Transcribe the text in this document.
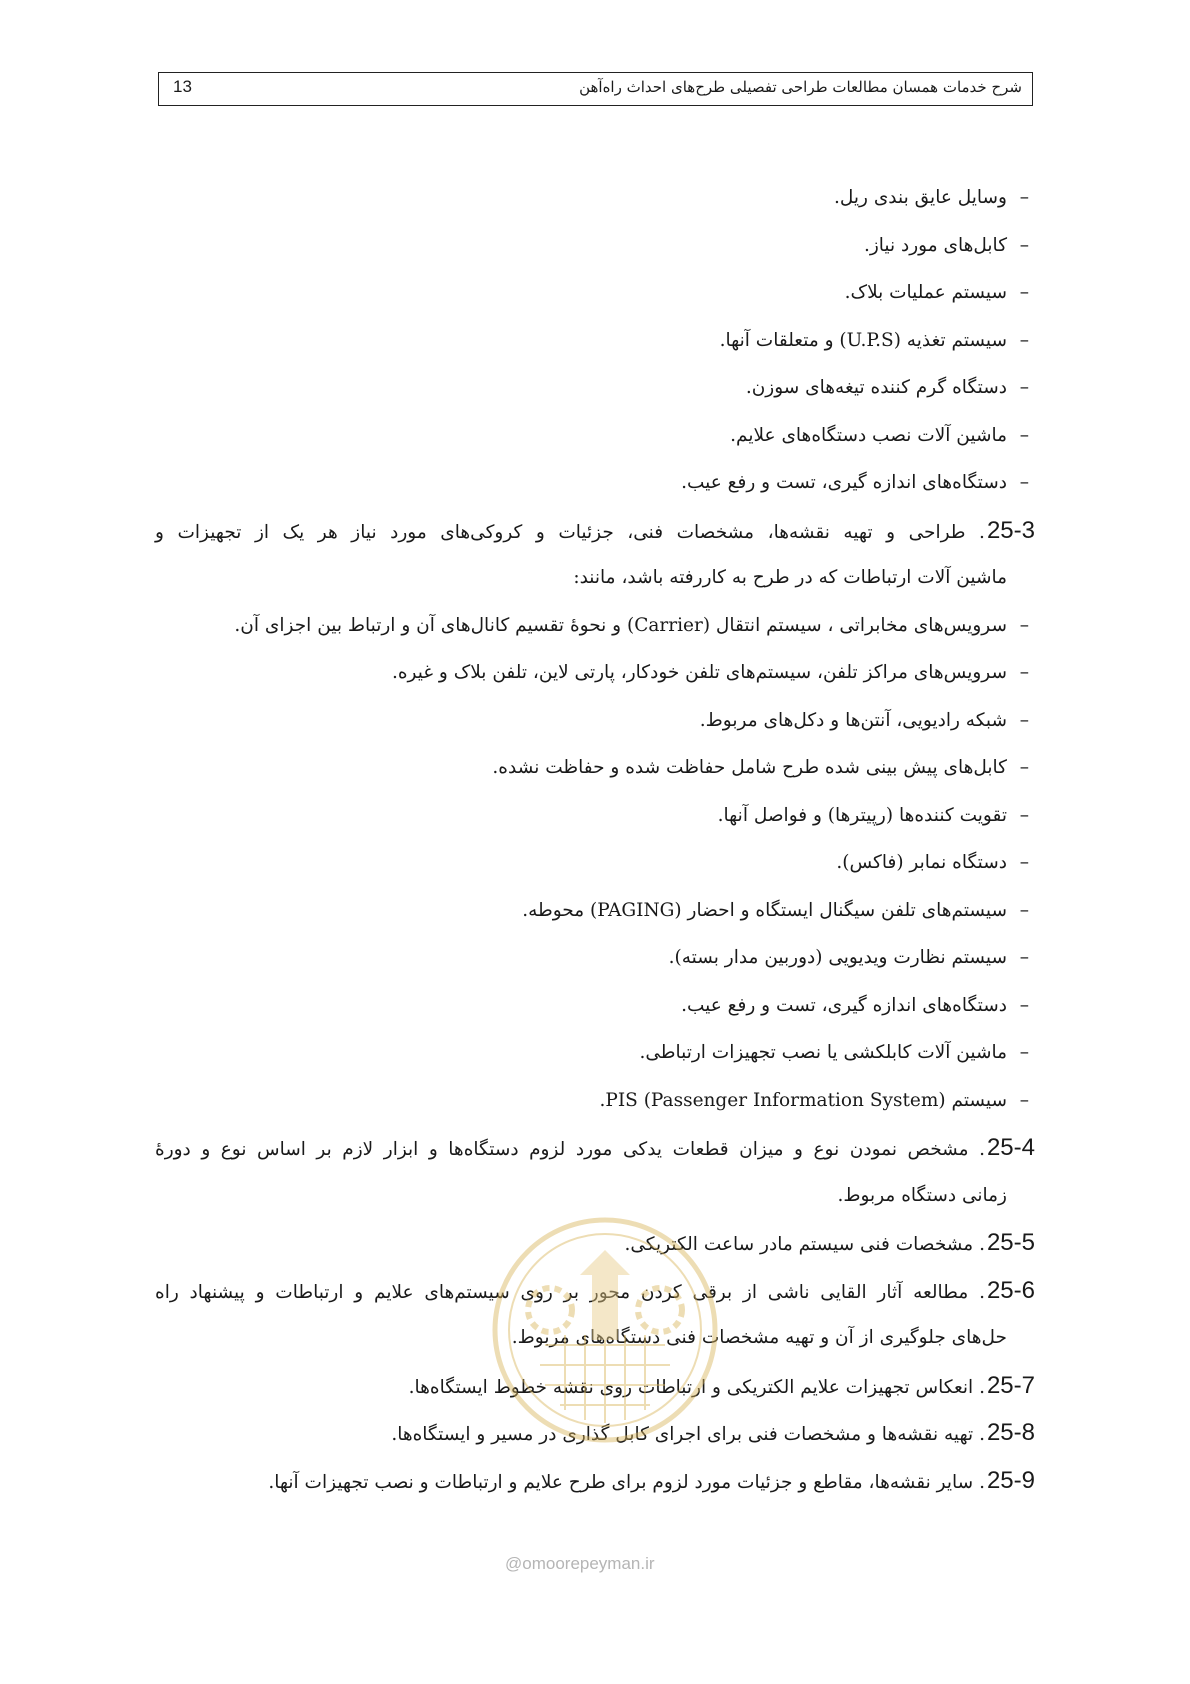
شرح خدمات همسان مطالعات طراحی تفصیلی طرح‌های احداث راه‌آهن
13
–وسایل عایق بندی ریل.
–کابل‌های مورد نیاز.
–سیستم عملیات بلاک.
–سیستم تغذیه (U.P.S) و متعلقات آنها.
–دستگاه گرم کننده تیغه‌های سوزن.
–ماشین آلات نصب دستگاه‌های علایم.
–دستگاه‌های اندازه گیری، تست و رفع عیب.
25-3. طراحی و تهیه نقشه‌ها، مشخصات فنی، جزئیات و کروکی‌های مورد نیاز هر یک از تجهیزات و
ماشین آلات ارتباطات که در طرح به کاررفته باشد، مانند:
–سرویس‌های مخابراتی ، سیستم انتقال (Carrier) و نحوهٔ تقسیم کانال‌های آن و ارتباط بین اجزای آن.
–سرویس‌های مراکز تلفن، سیستم‌های تلفن خودکار، پارتی لاین، تلفن بلاک و غیره.
–شبکه رادیویی، آنتن‌ها و دکل‌های مربوط.
–کابل‌های پیش بینی شده طرح شامل حفاظت شده و حفاظت نشده.
–تقویت کننده‌ها (رپیترها) و فواصل آنها.
–دستگاه نمابر (فاکس).
–سیستم‌های تلفن سیگنال ایستگاه و احضار (PAGING) محوطه.
–سیستم نظارت ویدیویی (دوربین مدار بسته).
–دستگاه‌های اندازه گیری، تست و رفع عیب.
–ماشین آلات کابلکشی یا نصب تجهیزات ارتباطی.
–سیستم PIS (Passenger Information System).
25-4. مشخص نمودن نوع و میزان قطعات یدکی مورد لزوم دستگاه‌ها و ابزار لازم بر اساس نوع و دورهٔ
زمانی دستگاه مربوط.
25-5. مشخصات فنی سیستم مادر ساعت الکتریکی.
25-6. مطالعه آثار القایی ناشی از برقی کردن محور بر روی سیستم‌های علایم و ارتباطات و پیشنهاد راه
حل‌های جلوگیری از آن و تهیه مشخصات فنی دستگاه‌های مربوط.
25-7. انعکاس تجهیزات علایم الکتریکی و ارتباطات روی نقشه خطوط ایستگاه‌ها.
25-8. تهیه نقشه‌ها و مشخصات فنی برای اجرای کابل گذاری در مسیر و ایستگاه‌ها.
25-9. سایر نقشه‌ها، مقاطع و جزئیات مورد لزوم برای طرح علایم و ارتباطات و نصب تجهیزات آنها.
@omoorepeyman.ir
